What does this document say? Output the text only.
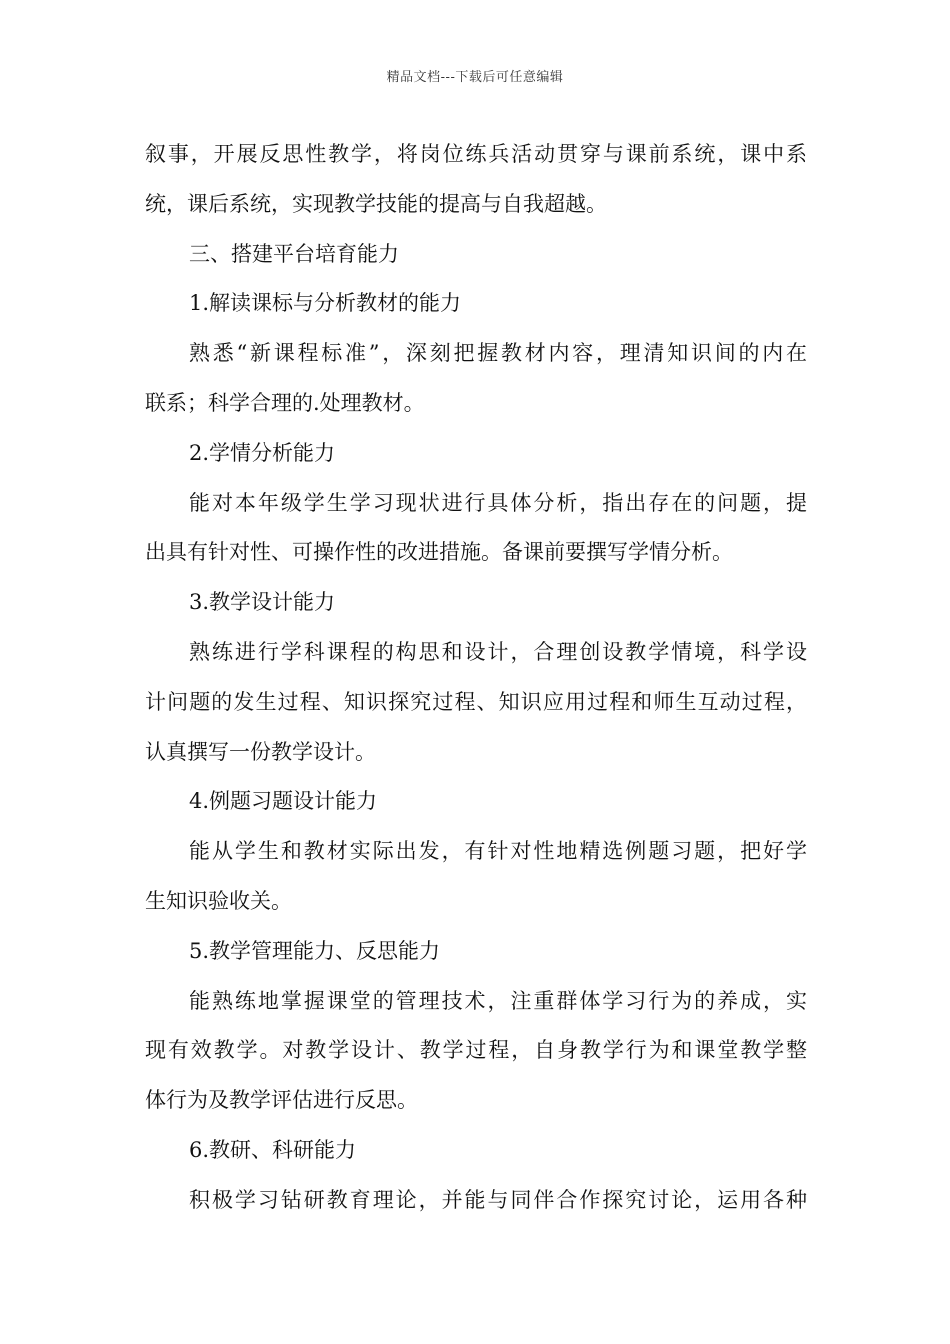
精品文档---下载后可任意编辑
叙事，开展反思性教学，将岗位练兵活动贯穿与课前系统，课中系
统，课后系统，实现教学技能的提高与自我超越。
三、搭建平台培育能力
1.解读课标与分析教材的能力
熟悉“新课程标准”，深刻把握教材内容，理清知识间的内在
联系；科学合理的.处理教材。
2.学情分析能力
能对本年级学生学习现状进行具体分析，指出存在的问题，提
出具有针对性、可操作性的改进措施。备课前要撰写学情分析。
3.教学设计能力
熟练进行学科课程的构思和设计，合理创设教学情境，科学设
计问题的发生过程、知识探究过程、知识应用过程和师生互动过程，
认真撰写一份教学设计。
4.例题习题设计能力
能从学生和教材实际出发，有针对性地精选例题习题，把好学
生知识验收关。
5.教学管理能力、反思能力
能熟练地掌握课堂的管理技术，注重群体学习行为的养成，实
现有效教学。对教学设计、教学过程，自身教学行为和课堂教学整
体行为及教学评估进行反思。
6.教研、科研能力
积极学习钻研教育理论，并能与同伴合作探究讨论，运用各种
